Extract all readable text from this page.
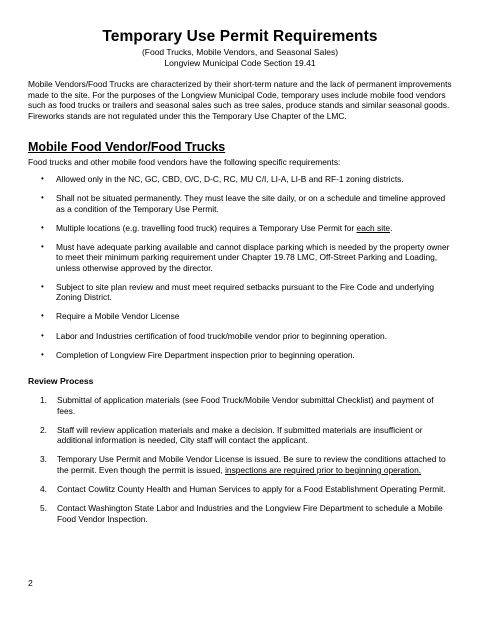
Temporary Use Permit Requirements
(Food Trucks, Mobile Vendors, and Seasonal Sales)
Longview Municipal Code Section 19.41

Mobile Vendors/Food Trucks are characterized by their short-term nature and the lack of permanent improvements made to the site. For the purposes of the Longview Municipal Code, temporary uses include mobile food vendors such as food trucks or trailers and seasonal sales such as tree sales, produce stands and similar seasonal goods. Fireworks stands are not regulated under this the Temporary Use Chapter of the LMC.

Mobile Food Vendor/Food Trucks
Food trucks and other mobile food vendors have the following specific requirements:
• Allowed only in the NC, GC, CBD, O/C, D-C, RC, MU C/I, LI-A, LI-B and RF-1 zoning districts.
• Shall not be situated permanently. They must leave the site daily, or on a schedule and timeline approved as a condition of the Temporary Use Permit.
• Multiple locations (e.g. travelling food truck) requires a Temporary Use Permit for each site.
• Must have adequate parking available and cannot displace parking which is needed by the property owner to meet their minimum parking requirement under Chapter 19.78 LMC, Off-Street Parking and Loading, unless otherwise approved by the director.
• Subject to site plan review and must meet required setbacks pursuant to the Fire Code and underlying Zoning District.
• Require a Mobile Vendor License
• Labor and Industries certification of food truck/mobile vendor prior to beginning operation.
• Completion of Longview Fire Department inspection prior to beginning operation.
Review Process
1. Submittal of application materials (see Food Truck/Mobile Vendor submittal Checklist) and payment of fees.
2. Staff will review application materials and make a decision. If submitted materials are insufficient or additional information is needed, City staff will contact the applicant.
3. Temporary Use Permit and Mobile Vendor License is issued. Be sure to review the conditions attached to the permit. Even though the permit is issued, inspections are required prior to beginning operation.
4. Contact Cowlitz County Health and Human Services to apply for a Food Establishment Operating Permit.
5. Contact Washington State Labor and Industries and the Longview Fire Department to schedule a Mobile Food Vendor Inspection.
2
